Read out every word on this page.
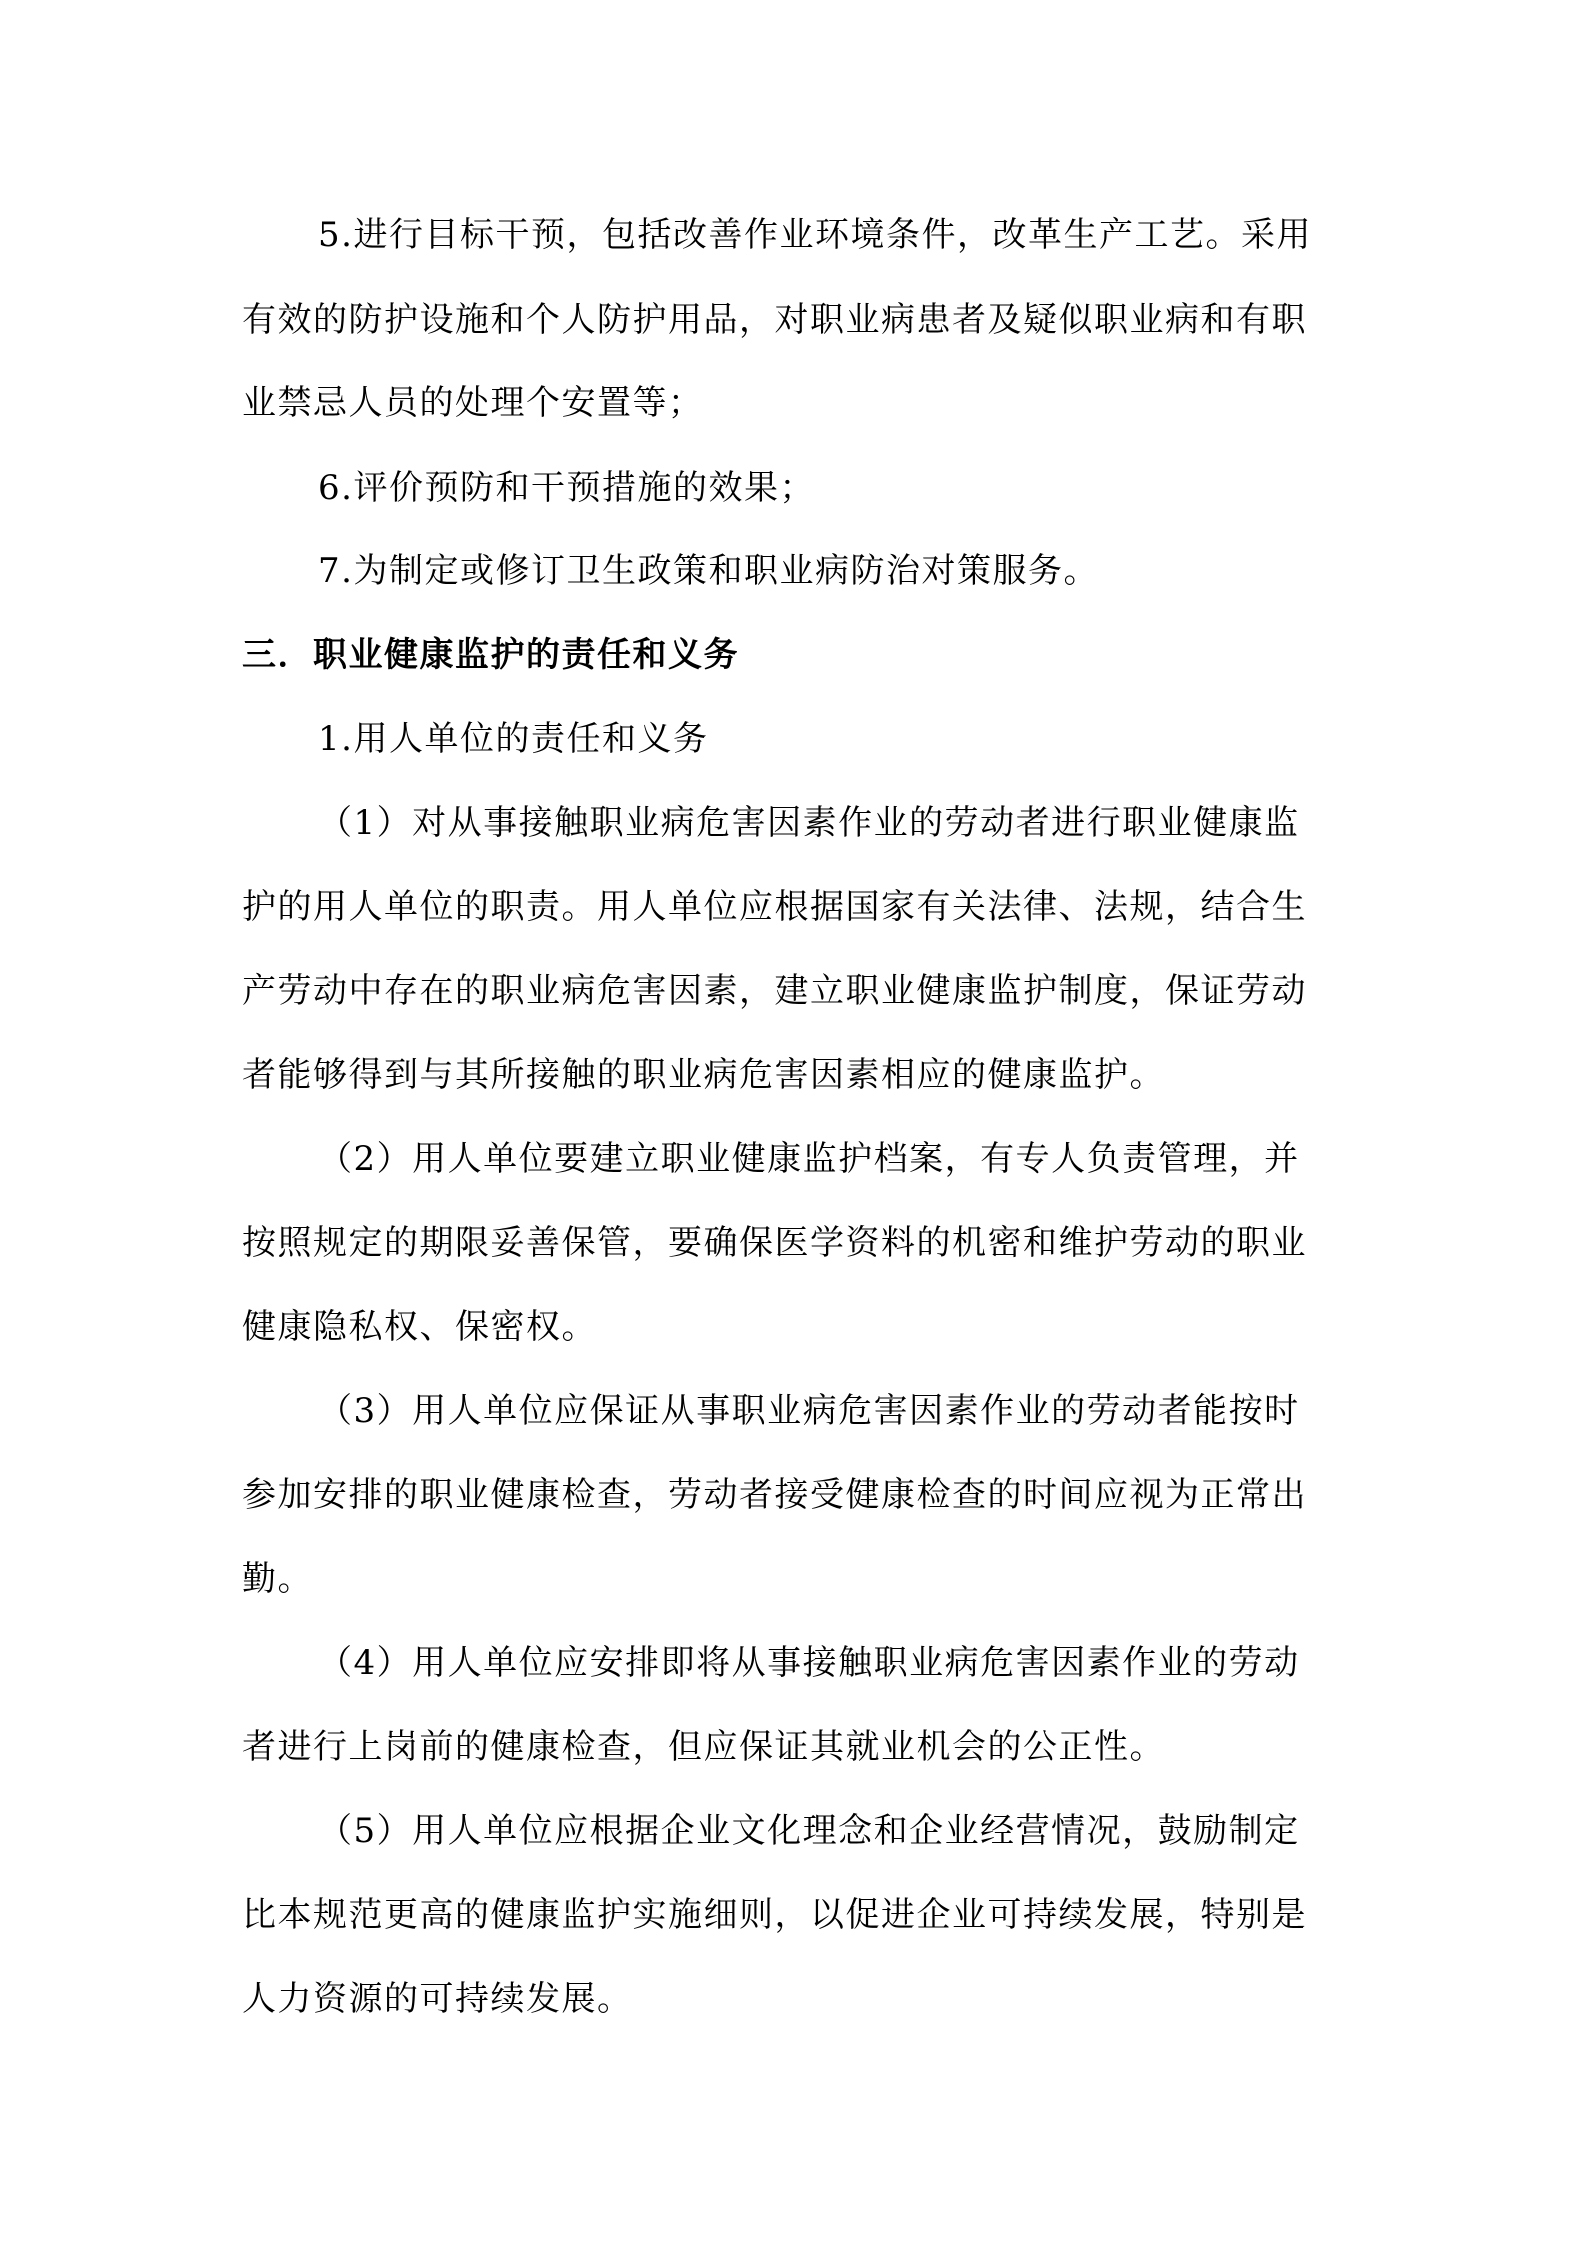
5.进行目标干预，包括改善作业环境条件，改革生产工艺。采用
有效的防护设施和个人防护用品，对职业病患者及疑似职业病和有职
业禁忌人员的处理个安置等；
6.评价预防和干预措施的效果；
7.为制定或修订卫生政策和职业病防治对策服务。
三．职业健康监护的责任和义务
1.用人单位的责任和义务
（1）对从事接触职业病危害因素作业的劳动者进行职业健康监
护的用人单位的职责。用人单位应根据国家有关法律、法规，结合生
产劳动中存在的职业病危害因素，建立职业健康监护制度，保证劳动
者能够得到与其所接触的职业病危害因素相应的健康监护。
（2）用人单位要建立职业健康监护档案，有专人负责管理，并
按照规定的期限妥善保管，要确保医学资料的机密和维护劳动的职业
健康隐私权、保密权。
（3）用人单位应保证从事职业病危害因素作业的劳动者能按时
参加安排的职业健康检查，劳动者接受健康检查的时间应视为正常出
勤。
（4）用人单位应安排即将从事接触职业病危害因素作业的劳动
者进行上岗前的健康检查，但应保证其就业机会的公正性。
（5）用人单位应根据企业文化理念和企业经营情况，鼓励制定
比本规范更高的健康监护实施细则，以促进企业可持续发展，特别是
人力资源的可持续发展。
